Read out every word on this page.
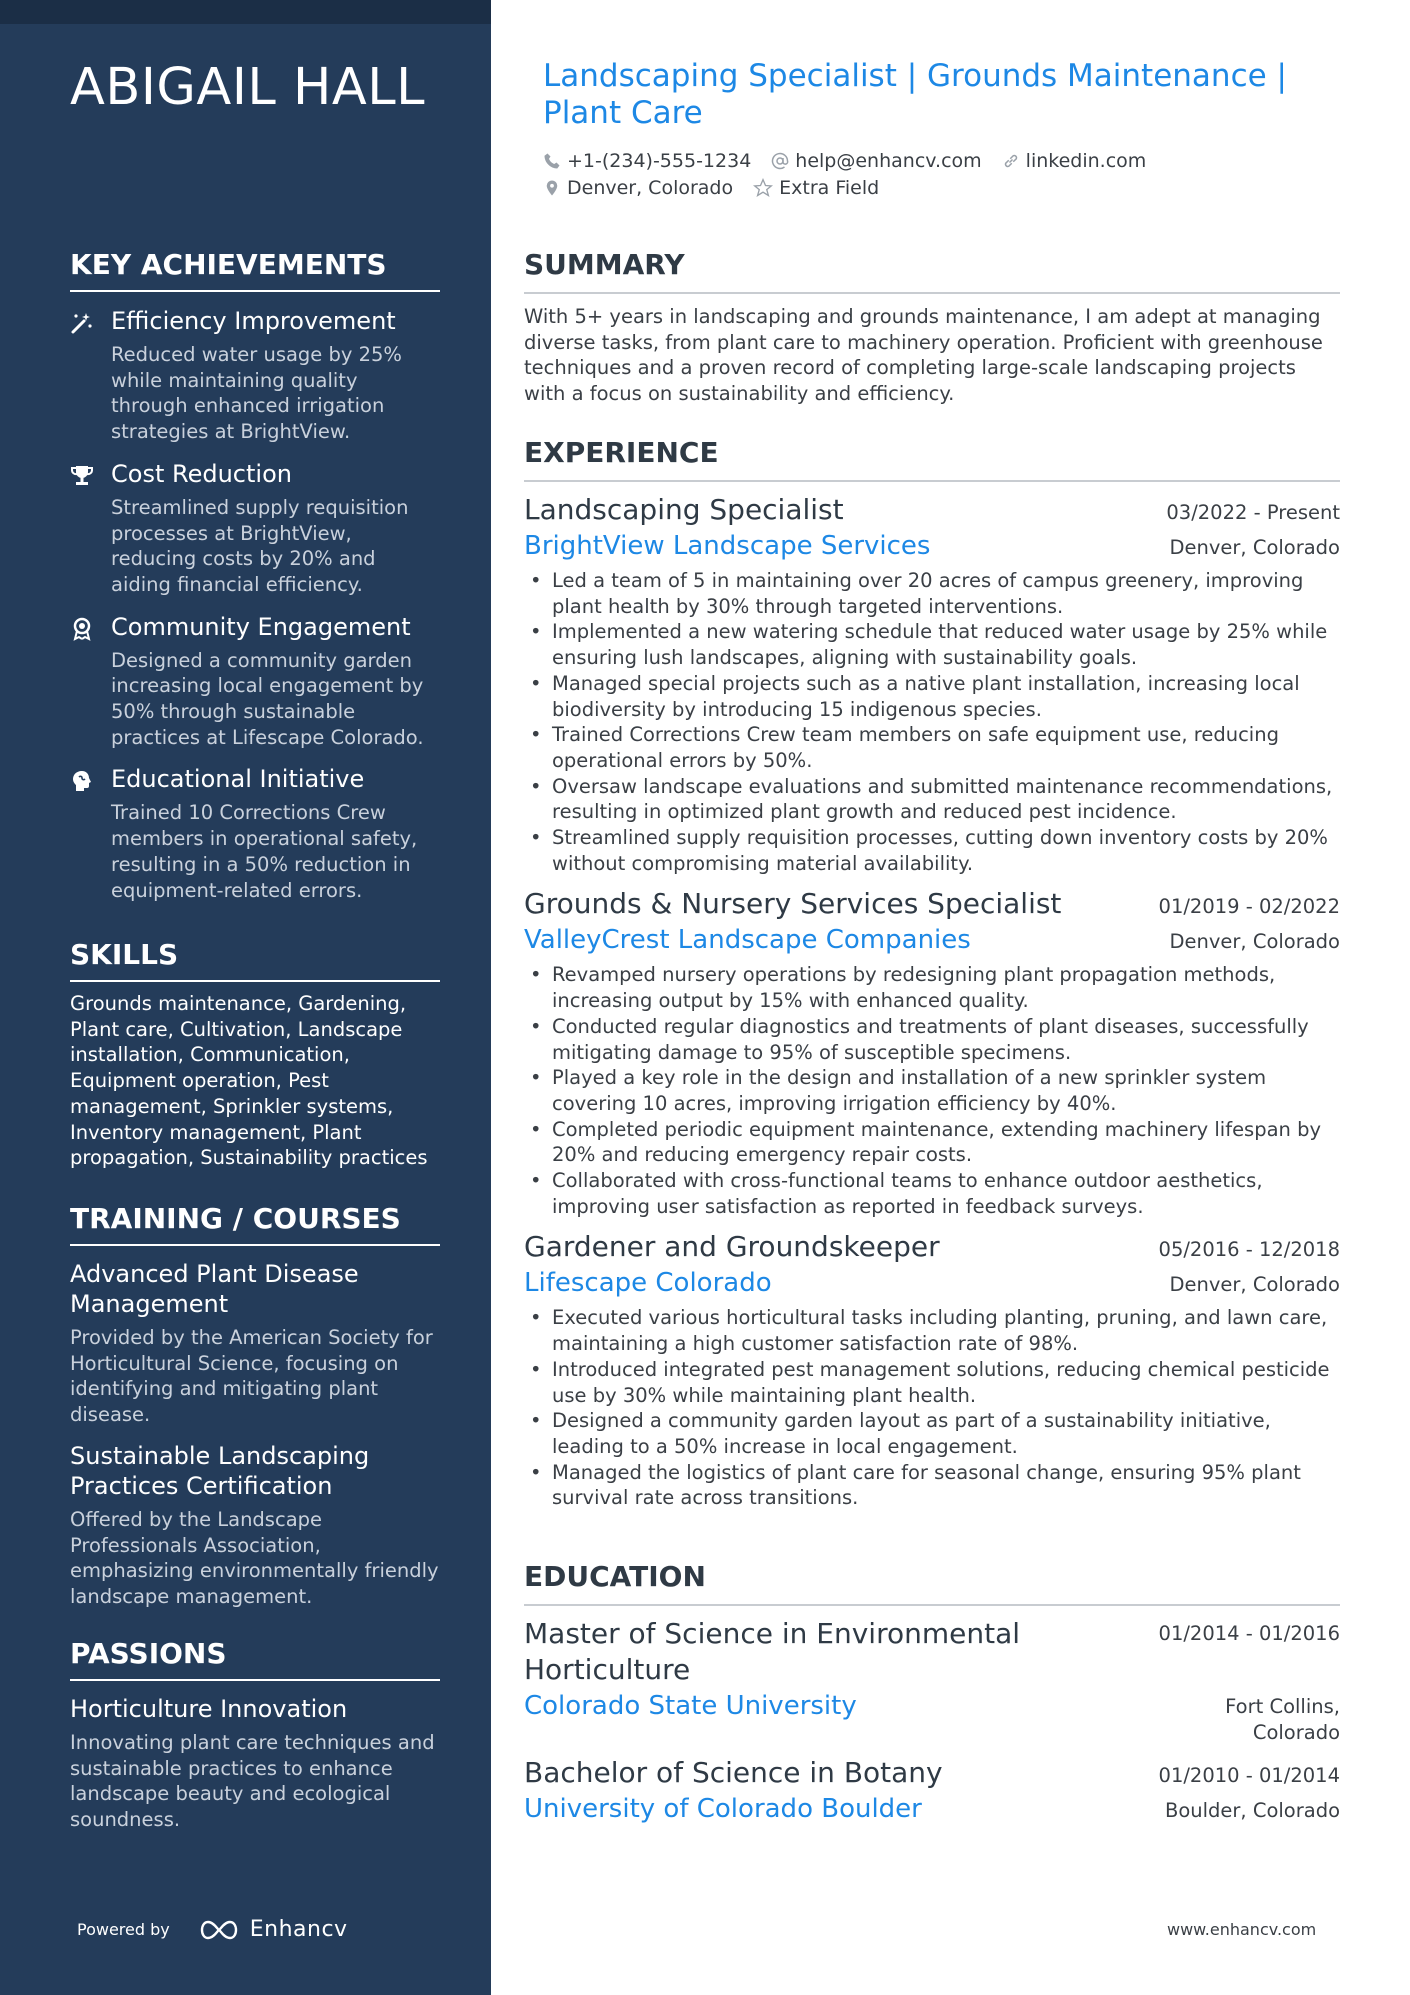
ABIGAIL HALL
KEY ACHIEVEMENTS
Efficiency Improvement
Reduced water usage by 25% while maintaining quality through enhanced irrigation strategies at BrightView.
Cost Reduction
Streamlined supply requisition processes at BrightView, reducing costs by 20% and aiding financial efficiency.
Community Engagement
Designed a community garden increasing local engagement by 50% through sustainable practices at Lifescape Colorado.
Educational Initiative
Trained 10 Corrections Crew members in operational safety, resulting in a 50% reduction in equipment-related errors.
SKILLS
Grounds maintenance, Gardening, Plant care, Cultivation, Landscape installation, Communication, Equipment operation, Pest management, Sprinkler systems, Inventory management, Plant propagation, Sustainability practices
TRAINING / COURSES
Advanced Plant Disease Management
Provided by the American Society for Horticultural Science, focusing on identifying and mitigating plant disease.
Sustainable Landscaping Practices Certification
Offered by the Landscape Professionals Association, emphasizing environmentally friendly landscape management.
PASSIONS
Horticulture Innovation
Innovating plant care techniques and sustainable practices to enhance landscape beauty and ecological soundness.
Powered by	Enhancv
Landscaping Specialist | Grounds Maintenance | Plant Care
+1-(234)-555-1234 help@enhancv.com linkedin.com
Denver, Colorado Extra Field
SUMMARY
With 5+ years in landscaping and grounds maintenance, I am adept at managing diverse tasks, from plant care to machinery operation. Proficient with greenhouse techniques and a proven record of completing large-scale landscaping projects with a focus on sustainability and efficiency.
EXPERIENCE
Landscaping Specialist	03/2022 - Present
BrightView Landscape Services	Denver, Colorado
• Led a team of 5 in maintaining over 20 acres of campus greenery, improving plant health by 30% through targeted interventions.
• Implemented a new watering schedule that reduced water usage by 25% while ensuring lush landscapes, aligning with sustainability goals.
• Managed special projects such as a native plant installation, increasing local biodiversity by introducing 15 indigenous species.
• Trained Corrections Crew team members on safe equipment use, reducing operational errors by 50%.
• Oversaw landscape evaluations and submitted maintenance recommendations, resulting in optimized plant growth and reduced pest incidence.
• Streamlined supply requisition processes, cutting down inventory costs by 20% without compromising material availability.
Grounds & Nursery Services Specialist	01/2019 - 02/2022
ValleyCrest Landscape Companies	Denver, Colorado
• Revamped nursery operations by redesigning plant propagation methods, increasing output by 15% with enhanced quality.
• Conducted regular diagnostics and treatments of plant diseases, successfully mitigating damage to 95% of susceptible specimens.
• Played a key role in the design and installation of a new sprinkler system covering 10 acres, improving irrigation efficiency by 40%.
• Completed periodic equipment maintenance, extending machinery lifespan by 20% and reducing emergency repair costs.
• Collaborated with cross-functional teams to enhance outdoor aesthetics, improving user satisfaction as reported in feedback surveys.
Gardener and Groundskeeper	05/2016 - 12/2018
Lifescape Colorado	Denver, Colorado
• Executed various horticultural tasks including planting, pruning, and lawn care, maintaining a high customer satisfaction rate of 98%.
• Introduced integrated pest management solutions, reducing chemical pesticide use by 30% while maintaining plant health.
• Designed a community garden layout as part of a sustainability initiative, leading to a 50% increase in local engagement.
• Managed the logistics of plant care for seasonal change, ensuring 95% plant survival rate across transitions.
EDUCATION
Master of Science in Environmental Horticulture
01/2014 - 01/2016
Colorado State University	Fort Collins, Colorado
Bachelor of Science in Botany	01/2010 - 01/2014
University of Colorado Boulder	Boulder, Colorado
www.enhancv.com
